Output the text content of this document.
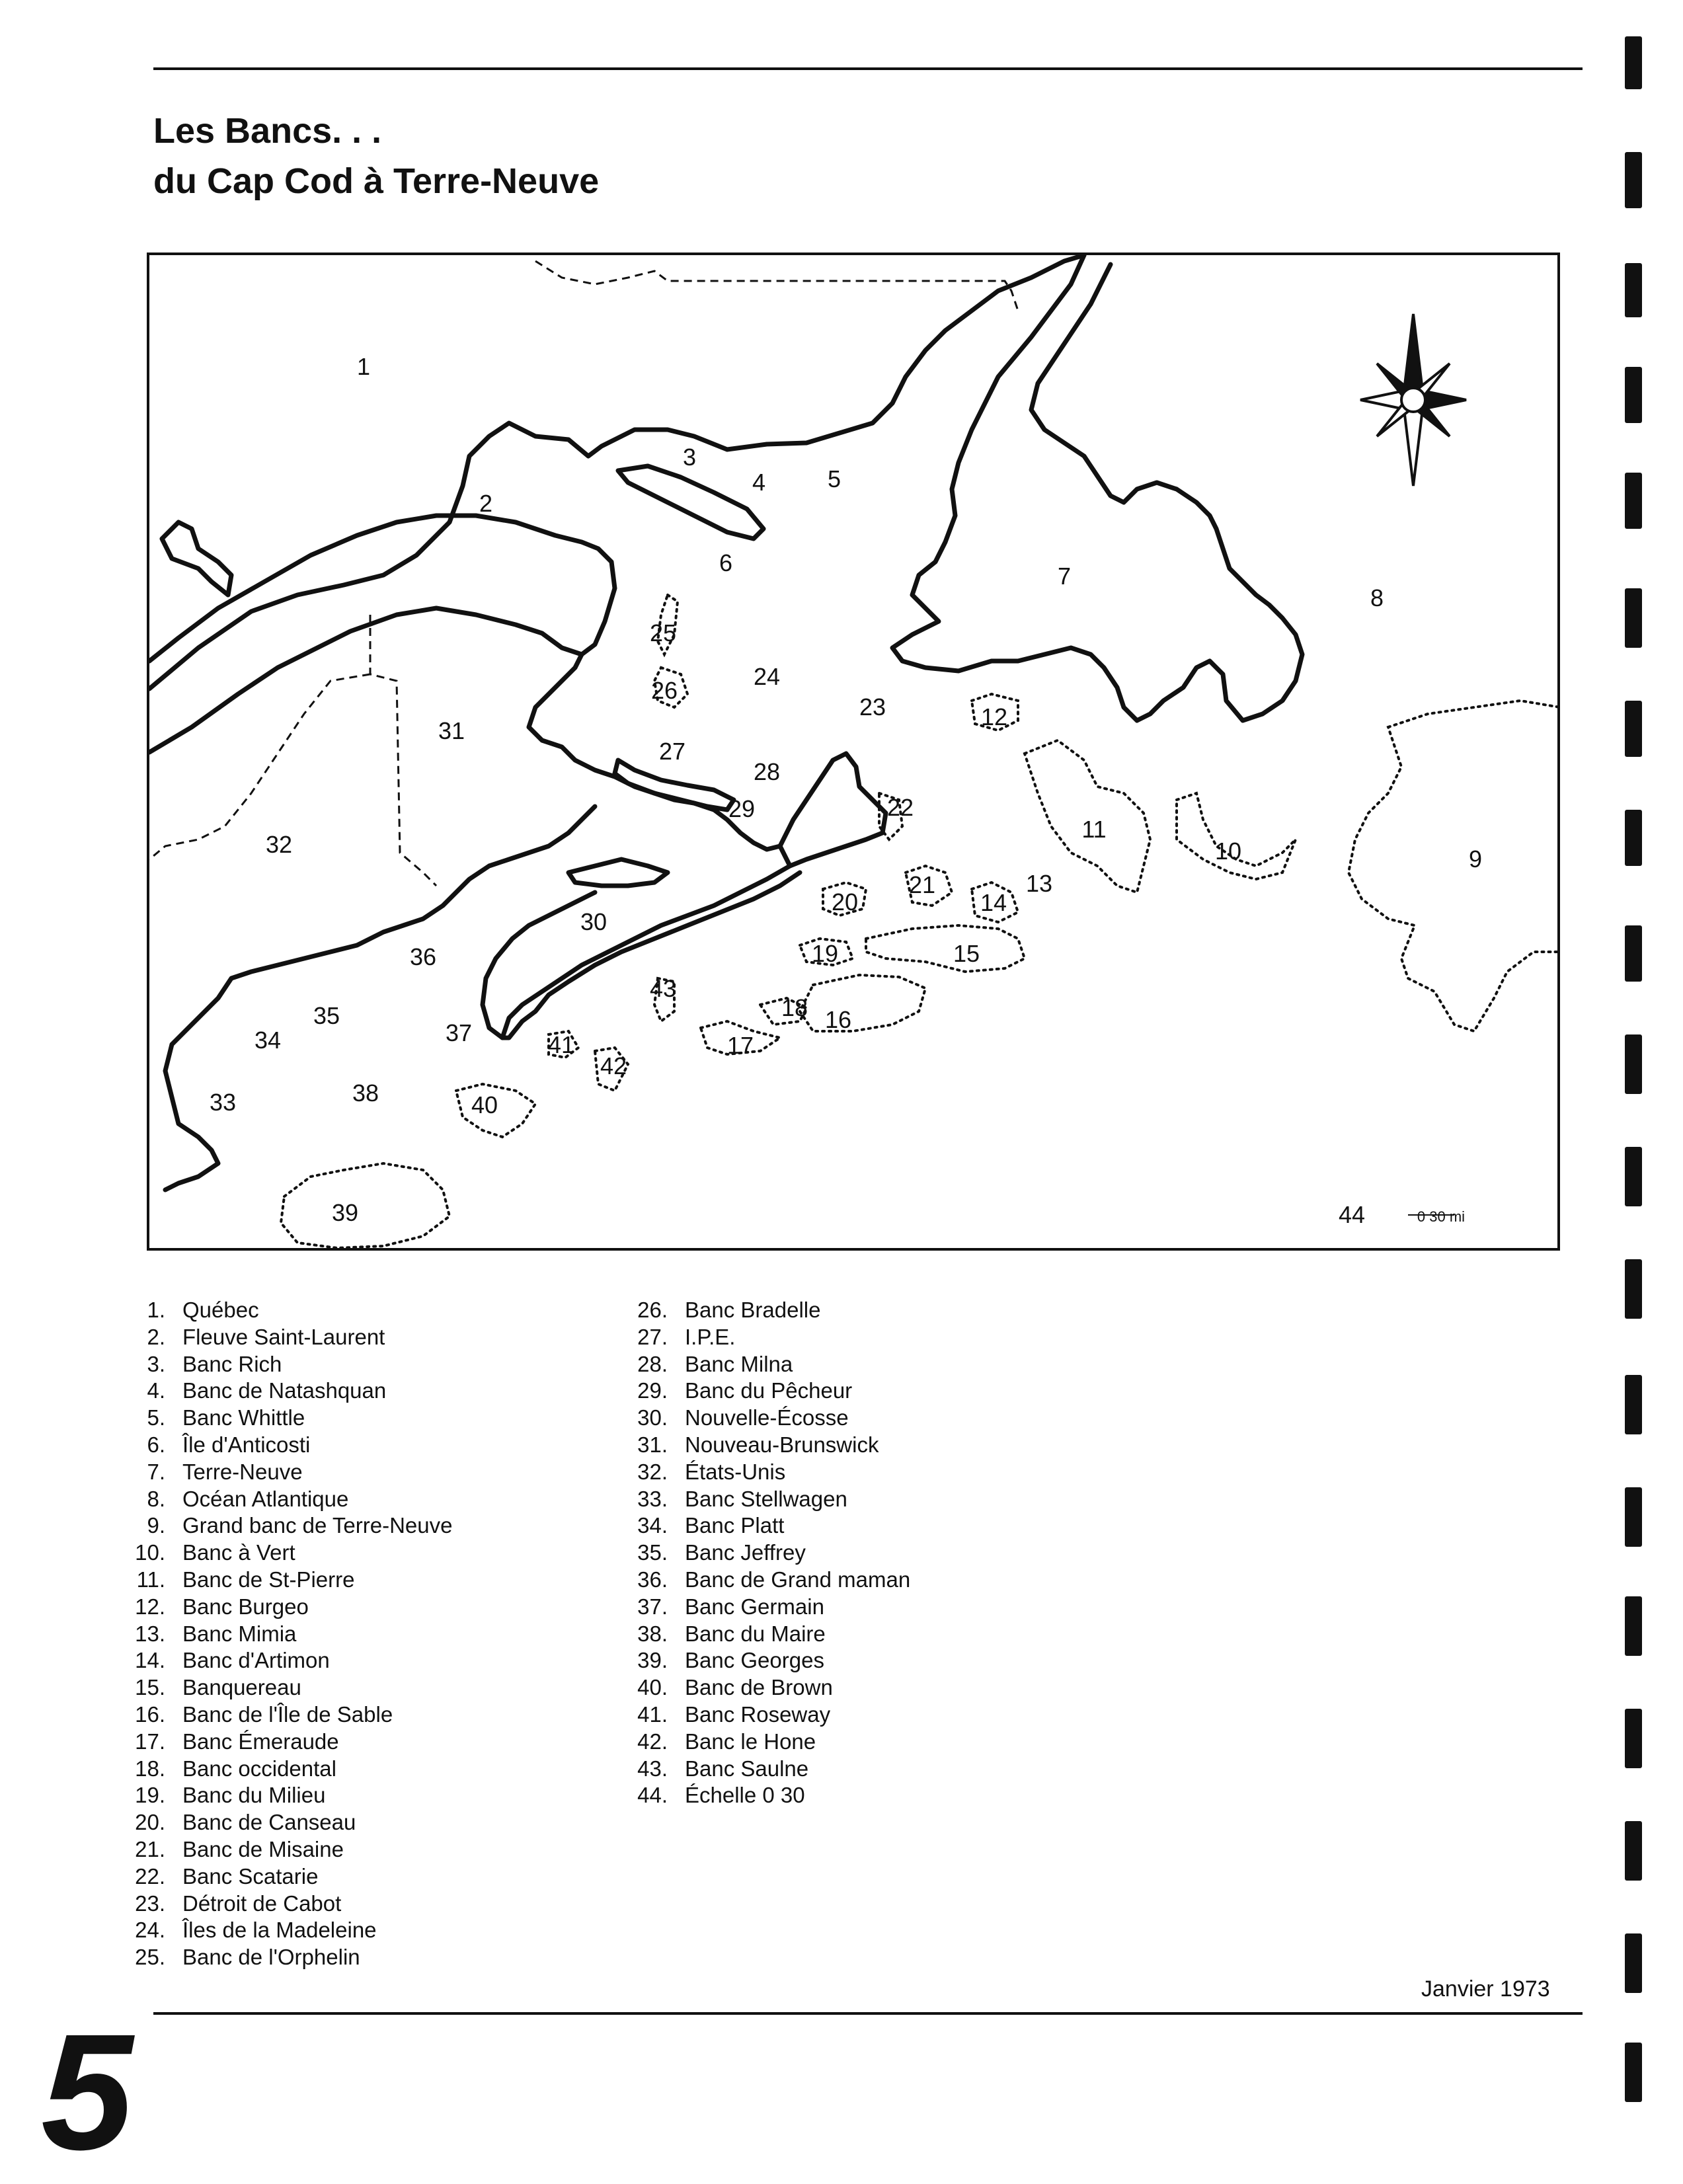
Les Bancs. . .
du Cap Cod à Terre-Neuve
1
2
3
4	5
6	7
8
9
10
11
12
13
14
15
16
17
18
19
20
21
22
23
24
25
26
27
28
29
30
31
32
33
34
35
36
37
38
39
40
41
42
43
44	0 30 mi
1. Québec
2. Fleuve Saint-Laurent
3. Banc Rich
4. Banc de Natashquan
5. Banc Whittle
6. Île d'Anticosti
7. Terre-Neuve
8. Océan Atlantique
9. Grand banc de Terre-Neuve
10. Banc à Vert
11. Banc de St-Pierre
12. Banc Burgeo
13. Banc Mimia
14. Banc d'Artimon
15. Banquereau
16. Banc de l'Île de Sable
17. Banc Émeraude
18. Banc occidental
19. Banc du Milieu
20. Banc de Canseau
21. Banc de Misaine
22. Banc Scatarie
23. Détroit de Cabot
24. Îles de la Madeleine
25. Banc de l'Orphelin
26. Banc Bradelle
27. I.P.E.
28. Banc Milna
29. Banc du Pêcheur
30. Nouvelle-Écosse
31. Nouveau-Brunswick
32. États-Unis
33. Banc Stellwagen
34. Banc Platt
35. Banc Jeffrey
36. Banc de Grand maman
37. Banc Germain
38. Banc du Maire
39. Banc Georges
40. Banc de Brown
41. Banc Roseway
42. Banc le Hone
43. Banc Saulne
44. Échelle 0 30
Janvier 1973
5
